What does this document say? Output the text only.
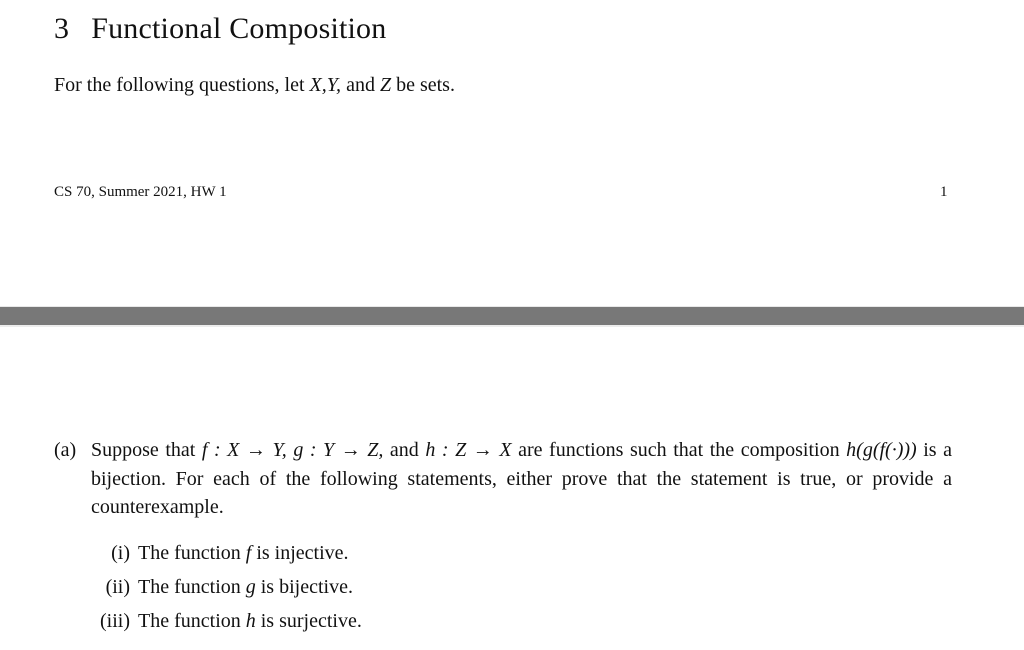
3 Functional Composition
For the following questions, let X,Y, and Z be sets.
CS 70, Summer 2021, HW 1	1
(a) Suppose that f : X → Y, g : Y → Z, and h : Z → X are functions such that the composition h(g(f(·))) is a bijection. For each of the following statements, either prove that the statement is true, or provide a counterexample.
(i) The function f is injective.
(ii) The function g is bijective.
(iii) The function h is surjective.
